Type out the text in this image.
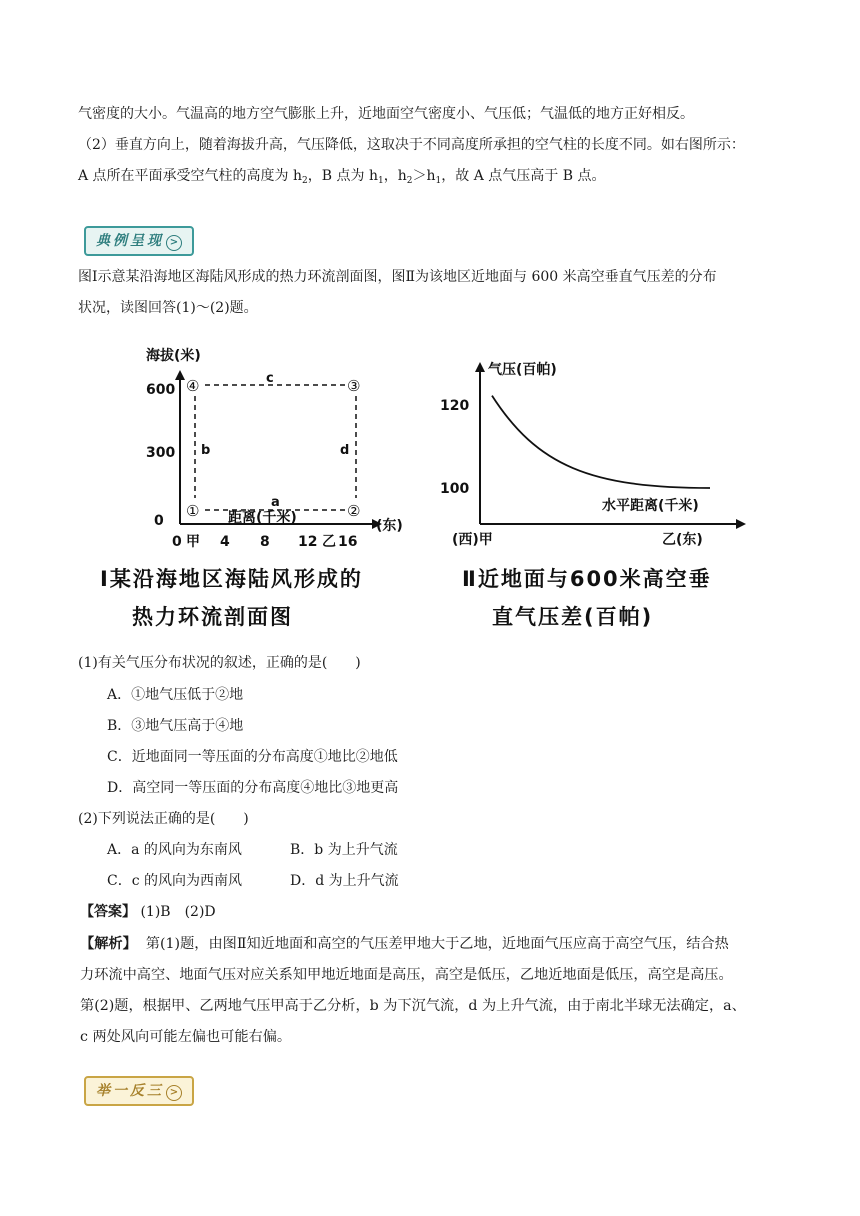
气密度的大小。气温高的地方空气膨胀上升，近地面空气密度小、气压低；气温低的地方正好相反。
（2）垂直方向上，随着海拔升高，气压降低，这取决于不同高度所承担的空气柱的长度不同。如右图所示：
A 点所在平面承受空气柱的高度为 $h_2$，B 点为 $h_1$，$h_2>h_1$，故 A 点气压高于 B 点。
典例呈现 >
图Ⅰ示意某沿海地区海陆风形成的热力环流剖面图，图Ⅱ为该地区近地面与 600 米高空垂直气压差的分布
状况，读图回答(1)～(2)题。
海拔(米)
600
300
0
④	③
①	②
c
a
b	d
距离(千米)	(东)
0 甲 4 8 12 乙 16
Ⅰ某沿海地区海陆风形成的
热力环流剖面图
气压(百帕)
120
100
水平距离(千米)
(西)甲	乙(东)
Ⅱ近地面与600米高空垂
直气压差(百帕)
(1)有关气压分布状况的叙述，正确的是(　　)
A．①地气压低于②地
B．③地气压高于④地
C．近地面同一等压面的分布高度①地比②地低
D．高空同一等压面的分布高度④地比③地更高
(2)下列说法正确的是(　　)
A．a 的风向为东南风	B．b 为上升气流
C．c 的风向为西南风	D．d 为上升气流
【答案】 (1)B　(2)D
【解析】 第(1)题，由图Ⅱ知近地面和高空的气压差甲地大于乙地，近地面气压应高于高空气压，结合热
力环流中高空、地面气压对应关系知甲地近地面是高压，高空是低压，乙地近地面是低压，高空是高压。
第(2)题，根据甲、乙两地气压甲高于乙分析，b 为下沉气流，d 为上升气流，由于南北半球无法确定，a、
c 两处风向可能左偏也可能右偏。
举一反三 >
